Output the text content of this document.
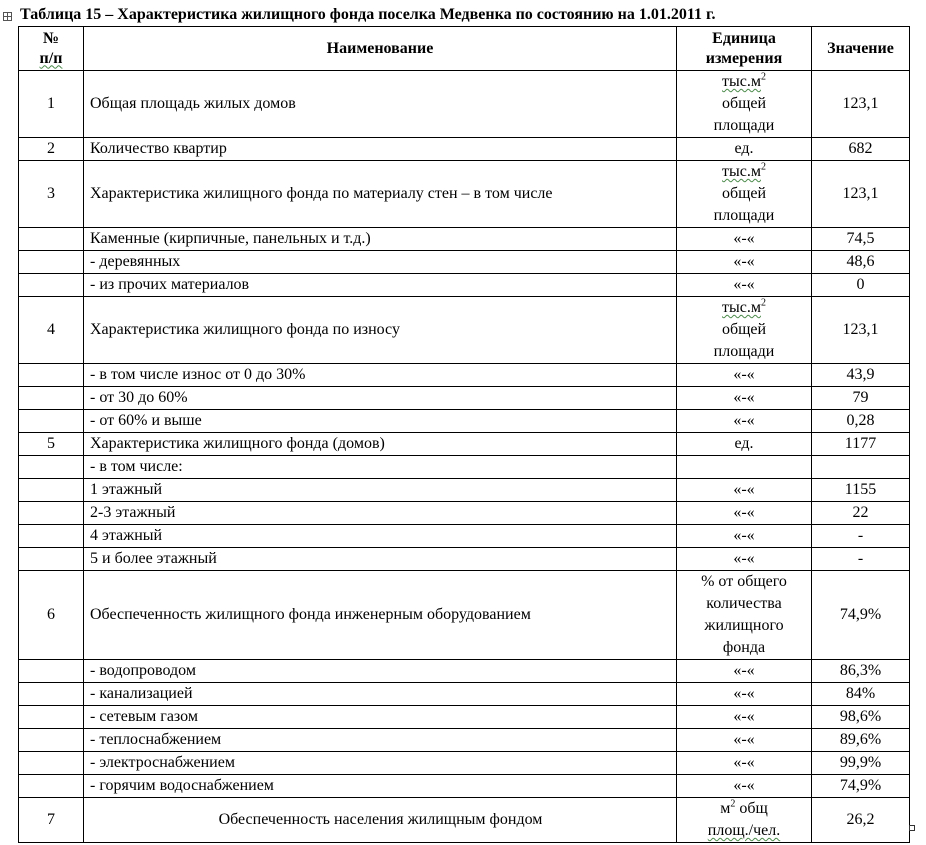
Таблица 15 – Характеристика жилищного фонда поселка Медвенка по состоянию на 1.01.2011 г.
№
п/п	Наименование	Единица
измерения	Значение
1	Общая площадь жилых домов	$тыс.м^2$
общей
площади	123,1
2	Количество квартир	ед.	682
3	Характеристика жилищного фонда по материалу стен – в том числе	$тыс.м^2$
общей
площади	123,1
	Каменные (кирпичные, панельных и т.д.)	«-«	74,5
	- деревянных	«-«	48,6
	- из прочих материалов	«-«	0
4	Характеристика жилищного фонда по износу	$тыс.м^2$
общей
площади	123,1
	- в том числе износ от 0 до 30%	«-«	43,9
	- от 30 до 60%	«-«	79
	- от 60% и выше	«-«	0,28
5	Характеристика жилищного фонда (домов)	ед.	1177
	- в том числе:		
	1 этажный	«-«	1155
	2-3 этажный	«-«	22
	4 этажный	«-«	-
	5 и более этажный	«-«	-
6	Обеспеченность жилищного фонда инженерным оборудованием	% от общего
количества
жилищного
фонда	74,9%
	- водопроводом	«-«	86,3%
	- канализацией	«-«	84%
	- сетевым газом	«-«	98,6%
	- теплоснабжением	«-«	89,6%
	- электроснабжением	«-«	99,9%
	- горячим водоснабжением	«-«	74,9%
7	Обеспеченность населения жилищным фондом	$м^2$ общ
площ./чел.	26,2
